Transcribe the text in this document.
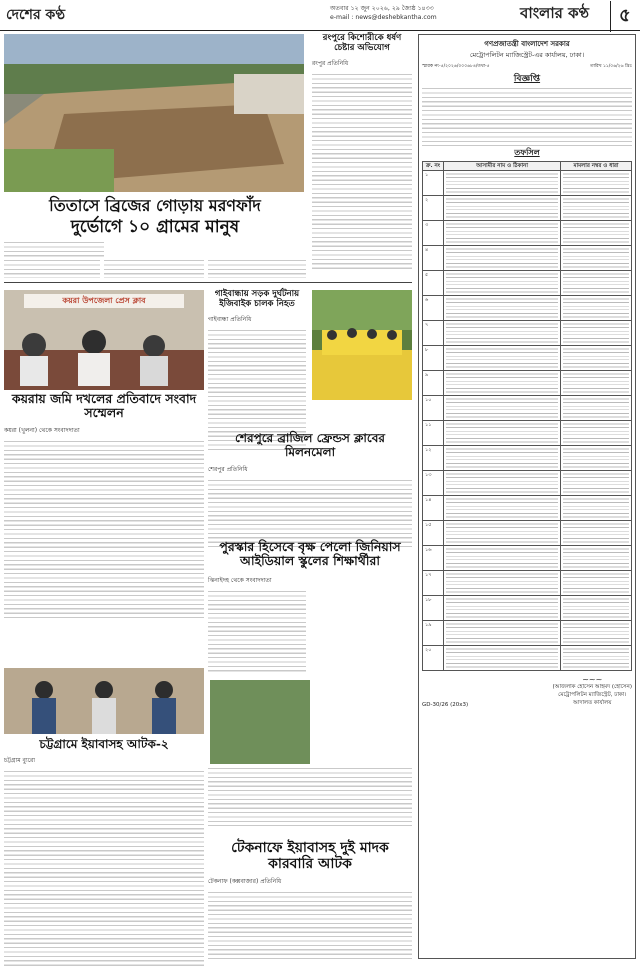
দেশের কণ্ঠ	অতবার ১২ জুন ২০২৬, ২৯ জ্যৈষ্ঠ ১৪৩৩
e-mail : news@deshebkantha.com	বাংলার কণ্ঠ	৫
রংপুরে কিশোরীকে ধর্ষণ চেষ্টার অভিযোগ
রংপুর প্রতিনিধি
তিতাসে ব্রিজের গোড়ায় মরণফাঁদ
দুর্ভোগে ১০ গ্রামের মানুষ
কয়রা উপজেলা প্রেস ক্লাব
কয়রায় জমি দখলের প্রতিবাদে সংবাদ সম্মেলন
কয়রা (খুলনা) থেকে সংবাদদাতা
গাইবান্ধায় সড়ক দুর্ঘটনায় ইজিবাইক চালক নিহত
গাইবান্ধা প্রতিনিধি
শেরপুরে ব্রাজিল ফ্রেন্ডস ক্লাবের মিলনমেলা
শেরপুর প্রতিনিধি
পুরস্কার হিসেবে বৃক্ষ পেলো জিনিয়াস আইডিয়াল স্কুলের শিক্ষার্থীরা
ঝিনাইদহ থেকে সংবাদদাতা

চট্টগ্রামে ইয়াবাসহ আটক-২
চট্টগ্রাম ব্যুরো
টেকনাফে ইয়াবাসহ দুই মাদক কারবারি আটক
টেকনাফ (কক্সবাজার) প্রতিনিধি
গণপ্রজাতন্ত্রী বাংলাদেশ সরকার
মেট্রোপলিটন ম্যাজিস্ট্রেট-এর কার্যালয়, ঢাকা।
স্মারক নং-৫/২০২৬/০০০৬৮৪/তথা-৫	তারিখ ১১/০৬/২৬ খ্রিঃ
বিজ্ঞপ্তি
তফসিল
ক্র. নং	আসামীর নাম ও ঠিকানা	মামলার নম্বর ও ধারা
১	

২	

৩	

৪	

৫	

৬	

৭	

৮	

৯	

১০	

১১	

১২	

১৩	

১৪	

১৫	

১৬	

১৭	

১৮	

১৯	

২০	

GD-30/26 (20x3)
~~~
(আজলাক হোসেন আহমদ (হোসেন)
মেট্রোপলিটন ম্যাজিস্ট্রেট, ঢাকা।
আদালত কার্যালয়
